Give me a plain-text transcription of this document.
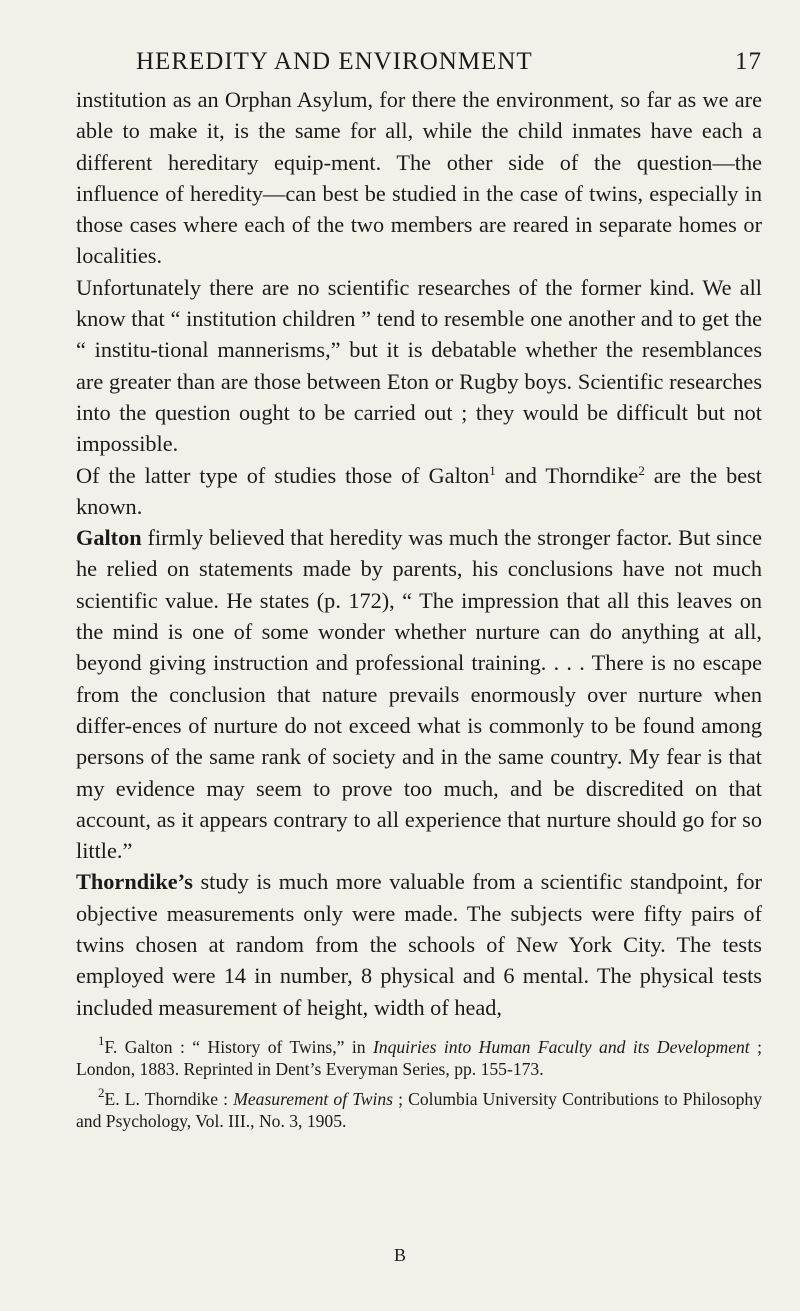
HEREDITY AND ENVIRONMENT	17

institution as an Orphan Asylum, for there the environment, so far as we are able to make it, is the same for all, while the child inmates have each a different hereditary equip-ment. The other side of the question—the influence of heredity—can best be studied in the case of twins, especially in those cases where each of the two members are reared in separate homes or localities.

Unfortunately there are no scientific researches of the former kind. We all know that “ institution children ” tend to resemble one another and to get the “ institu-tional mannerisms,” but it is debatable whether the resemblances are greater than are those between Eton or Rugby boys. Scientific researches into the question ought to be carried out ; they would be difficult but not impossible.

Of the latter type of studies those of Galton$^1$ and Thorndike$^2$ are the best known.

Galton firmly believed that heredity was much the stronger factor. But since he relied on statements made by parents, his conclusions have not much scientific value. He states (p. 172), “ The impression that all this leaves on the mind is one of some wonder whether nurture can do anything at all, beyond giving instruction and professional training. . . . There is no escape from the conclusion that nature prevails enormously over nurture when differ-ences of nurture do not exceed what is commonly to be found among persons of the same rank of society and in the same country. My fear is that my evidence may seem to prove too much, and be discredited on that account, as it appears contrary to all experience that nurture should go for so little.”

Thorndike’s study is much more valuable from a scientific standpoint, for objective measurements only were made. The subjects were fifty pairs of twins chosen at random from the schools of New York City. The tests employed were 14 in number, 8 physical and 6 mental. The physical tests included measurement of height, width of head,

$^1$F. Galton : “ History of Twins,” in Inquiries into Human Faculty and its Development ; London, 1883. Reprinted in Dent’s Everyman Series, pp. 155-173.

$^2$E. L. Thorndike : Measurement of Twins ; Columbia University Contributions to Philosophy and Psychology, Vol. III., No. 3, 1905.

B
